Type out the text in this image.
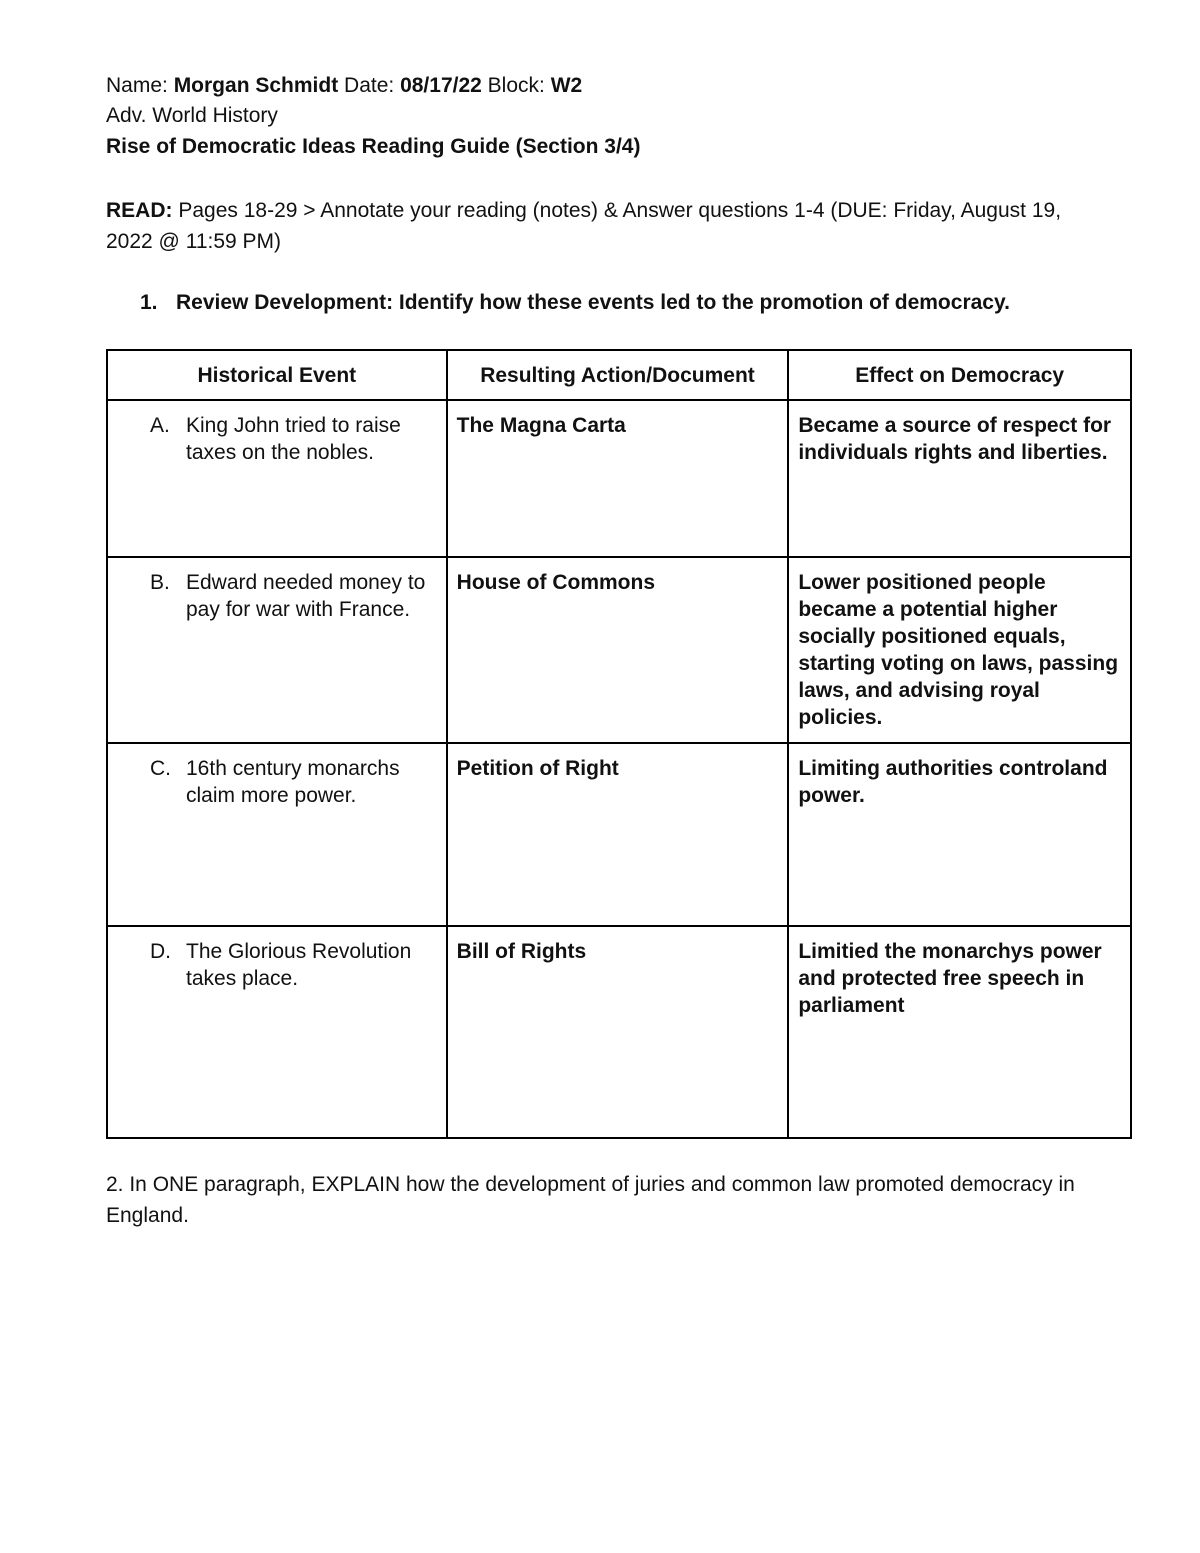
Name: Morgan Schmidt Date: 08/17/22 Block: W2
Adv. World History
Rise of Democratic Ideas Reading Guide (Section 3/4)
READ: Pages 18-29 > Annotate your reading (notes) & Answer questions 1-4 (DUE: Friday, August 19, 2022 @ 11:59 PM)
1. Review Development: Identify how these events led to the promotion of democracy.
Historical Event	Resulting Action/Document	Effect on Democracy

A. King John tried to raise taxes on the nobles.	The Magna Carta	Became a source of respect for individuals rights and liberties.

B. Edward needed money to pay for war with France.	House of Commons	Lower positioned people became a potential higher socially positioned equals, starting voting on laws, passing laws, and advising royal policies.

C. 16th century monarchs claim more power.	Petition of Right	Limiting authorities controland power.

D. The Glorious Revolution takes place.	Bill of Rights	Limitied the monarchys power and protected free speech in parliament
2. In ONE paragraph, EXPLAIN how the development of juries and common law promoted democracy in England.
